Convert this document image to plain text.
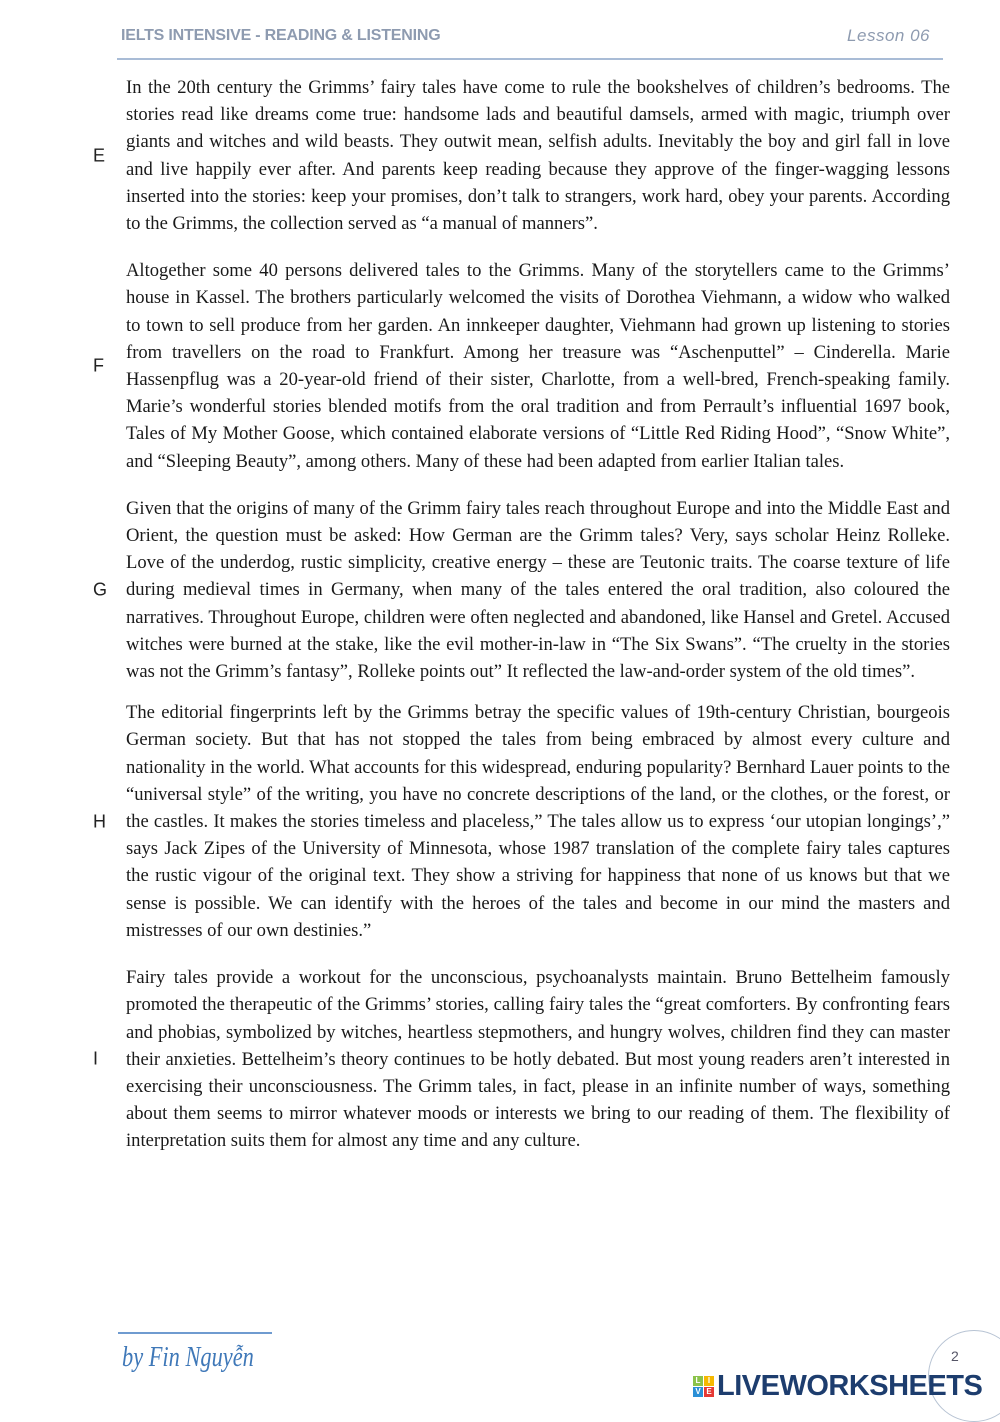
IELTS INTENSIVE - READING & LISTENING	Lesson 06
E

In the 20th century the Grimms’ fairy tales have come to rule the bookshelves of children’s bedrooms. The stories read like dreams come true: handsome lads and beautiful damsels, armed with magic, triumph over giants and witches and wild beasts. They outwit mean, selfish adults. Inevitably the boy and girl fall in love and live happily ever after. And parents keep reading because they approve of the finger-wagging lessons inserted into the stories: keep your promises, don’t talk to strangers, work hard, obey your parents. According to the Grimms, the collection served as “a manual of manners”.

F

Altogether some 40 persons delivered tales to the Grimms. Many of the storytellers came to the Grimms’ house in Kassel. The brothers particularly welcomed the visits of Dorothea Viehmann, a widow who walked to town to sell produce from her garden. An innkeeper daughter, Viehmann had grown up listening to stories from travellers on the road to Frankfurt. Among her treasure was “Aschenputtel” – Cinderella. Marie Hassenpflug was a 20-year-old friend of their sister, Charlotte, from a well-bred, French-speaking family. Marie’s wonderful stories blended motifs from the oral tradition and from Perrault’s influential 1697 book, Tales of My Mother Goose, which contained elaborate versions of “Little Red Riding Hood”, “Snow White”, and “Sleeping Beauty”, among others. Many of these had been adapted from earlier Italian tales.

G

Given that the origins of many of the Grimm fairy tales reach throughout Europe and into the Middle East and Orient, the question must be asked: How German are the Grimm tales? Very, says scholar Heinz Rolleke. Love of the underdog, rustic simplicity, creative energy – these are Teutonic traits. The coarse texture of life during medieval times in Germany, when many of the tales entered the oral tradition, also coloured the narratives. Throughout Europe, children were often neglected and abandoned, like Hansel and Gretel. Accused witches were burned at the stake, like the evil mother-in-law in “The Six Swans”. “The cruelty in the stories was not the Grimm’s fantasy”, Rolleke points out” It reflected the law-and-order system of the old times”.

H

The editorial fingerprints left by the Grimms betray the specific values of 19th-century Christian, bourgeois German society. But that has not stopped the tales from being embraced by almost every culture and nationality in the world. What accounts for this widespread, enduring popularity? Bernhard Lauer points to the “universal style” of the writing, you have no concrete descriptions of the land, or the clothes, or the forest, or the castles. It makes the stories timeless and placeless,” The tales allow us to express ‘our utopian longings’,” says Jack Zipes of the University of Minnesota, whose 1987 translation of the complete fairy tales captures the rustic vigour of the original text. They show a striving for happiness that none of us knows but that we sense is possible. We can identify with the heroes of the tales and become in our mind the masters and mistresses of our own destinies.”

I

Fairy tales provide a workout for the unconscious, psychoanalysts maintain. Bruno Bettelheim famously promoted the therapeutic of the Grimms’ stories, calling fairy tales the “great comforters. By confronting fears and phobias, symbolized by witches, heartless stepmothers, and hungry wolves, children find they can master their anxieties. Bettelheim’s theory continues to be hotly debated. But most young readers aren’t interested in exercising their unconsciousness. The Grimm tales, in fact, please in an infinite number of ways, something about them seems to mirror whatever moods or interests we bring to our reading of them. The flexibility of interpretation suits them for almost any time and any culture.

by Fin Nguyễn	2
L I
V E LIVEWORKSHEETS
